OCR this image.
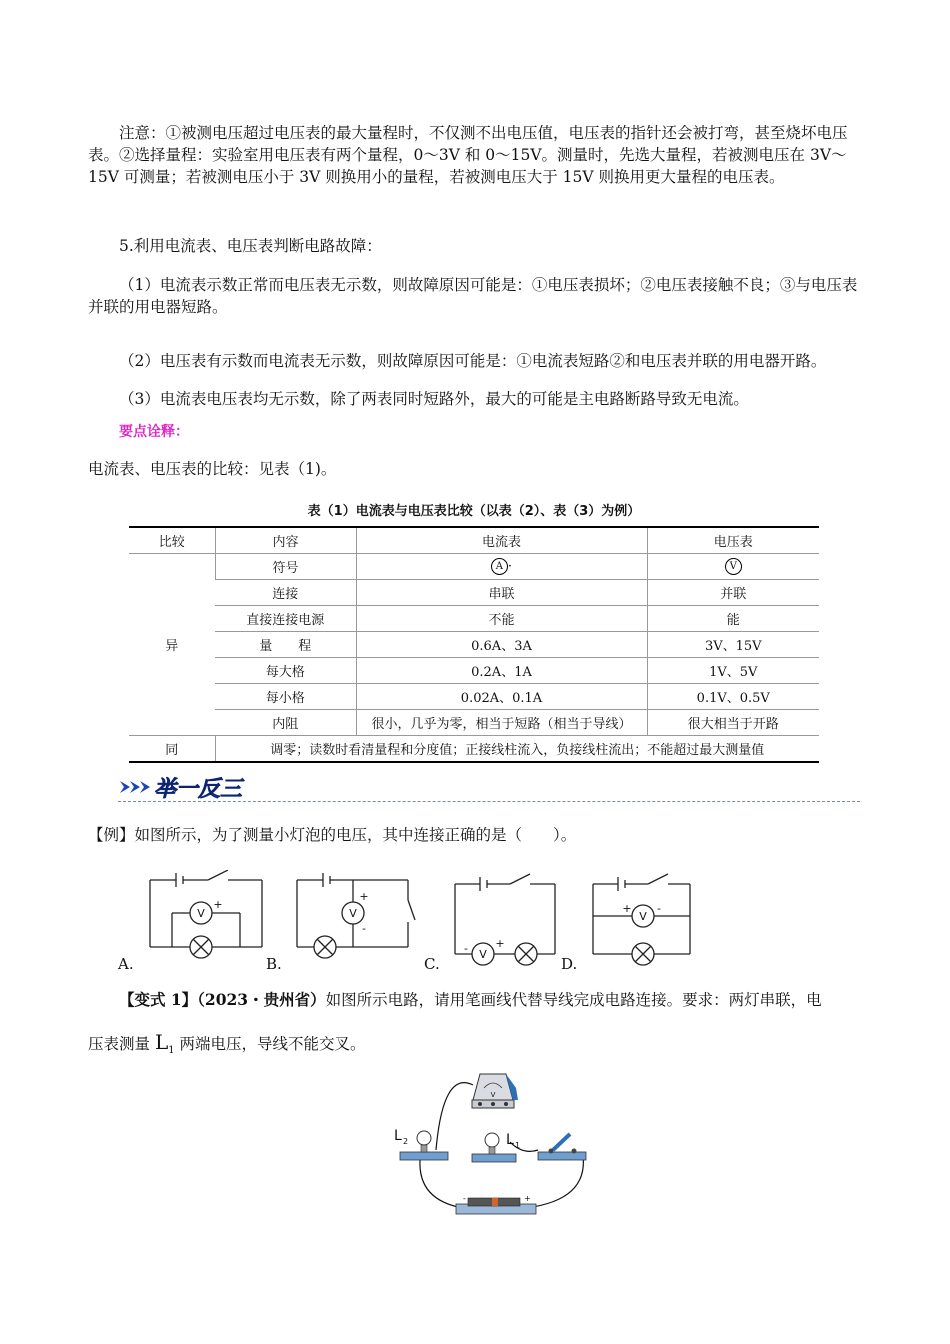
注意：①被测电压超过电压表的最大量程时，不仅测不出电压值，电压表的指针还会被打弯，甚至烧坏电压表。②选择量程：实验室用电压表有两个量程，0～3V 和 0～15V。测量时，先选大量程，若被测电压在 3V～15V 可测量；若被测电压小于 3V 则换用小的量程，若被测电压大于 15V 则换用更大量程的电压表。

5.利用电流表、电压表判断电路故障：

（1）电流表示数正常而电压表无示数，则故障原因可能是：①电压表损坏；②电压表接触不良；③与电压表并联的用电器短路。

（2）电压表有示数而电流表无示数，则故障原因可能是：①电流表短路②和电压表并联的用电器开路。

（3）电流表电压表均无示数，除了两表同时短路外，最大的可能是主电路断路导致无电流。

要点诠释：

电流表、电压表的比较：见表（1)。

表（1）电流表与电压表比较（以表（2）、表（3）为例）
比较	内容	电流表	电压表
异	符号	A ·	V
	连接	串联	并联
	直接连接电源	不能	能
	量　　程	0.6A、3A	3V、15V
	每大格	0.2A、1A	1V、5V
	每小格	0.02A、0.1A	0.1V、0.5V
	内阻	很小，几乎为零，相当于短路（相当于导线）	很大相当于开路
同	调零；读数时看清量程和分度值；正接线柱流入，负接线柱流出；不能超过最大测量值		
举一反三

【例】如图所示，为了测量小灯泡的电压，其中连接正确的是（　　）。

V	V
V
V
-
+
+
-
- +
+ -
A.	B.	C.	D.

【变式 1】（2023・贵州省）如图所示电路，请用笔画线代替导线完成电路连接。要求：两灯串联，电

压表测量 $L_1$ 两端电压，导线不能交叉。

V
L 2	L 1
-	+
